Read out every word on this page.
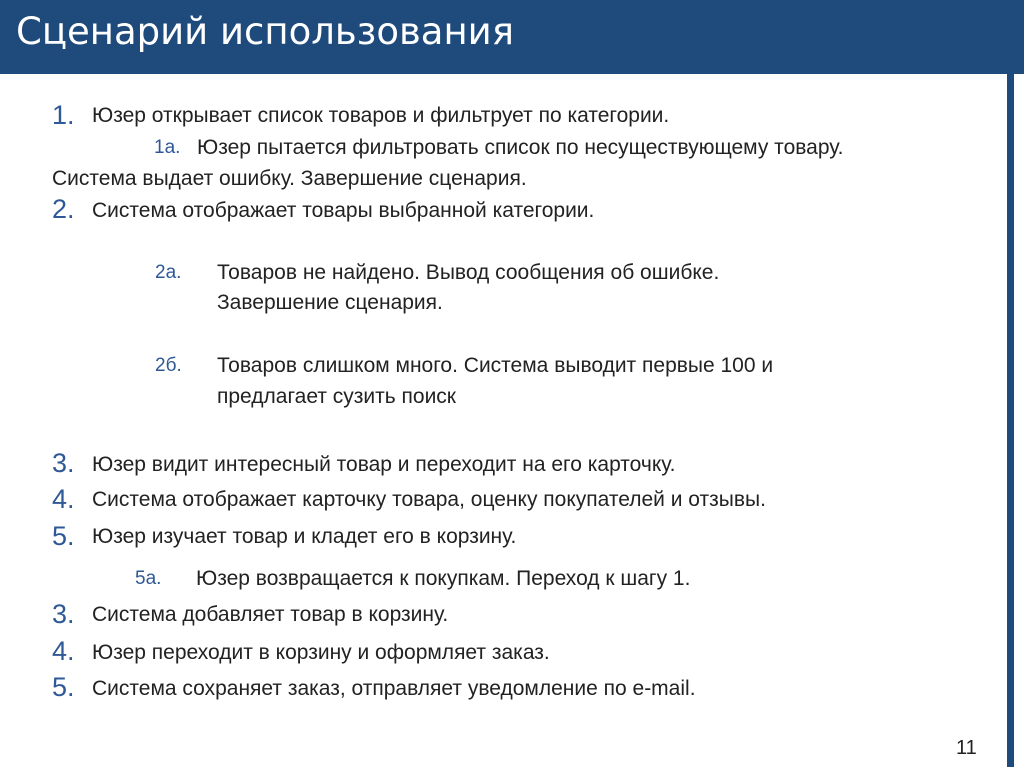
Сценарий использования
1. Юзер открывает список товаров и фильтрует по категории.
1а. Юзер пытается фильтровать список по несуществующему товару.
Система выдает ошибку. Завершение сценария.
2. Система отображает товары выбранной категории.
2а. Товаров не найдено. Вывод сообщения об ошибке.
Завершение сценария.
2б. Товаров слишком много. Система выводит первые 100 и
предлагает сузить поиск
3. Юзер видит интересный товар и переходит на его карточку.
4. Система отображает карточку товара, оценку покупателей и отзывы.
5. Юзер изучает товар и кладет его в корзину.
5а. Юзер возвращается к покупкам. Переход к шагу 1.
3. Система добавляет товар в корзину.
4. Юзер переходит в корзину и оформляет заказ.
5. Система сохраняет заказ, отправляет уведомление по e-mail.
11
